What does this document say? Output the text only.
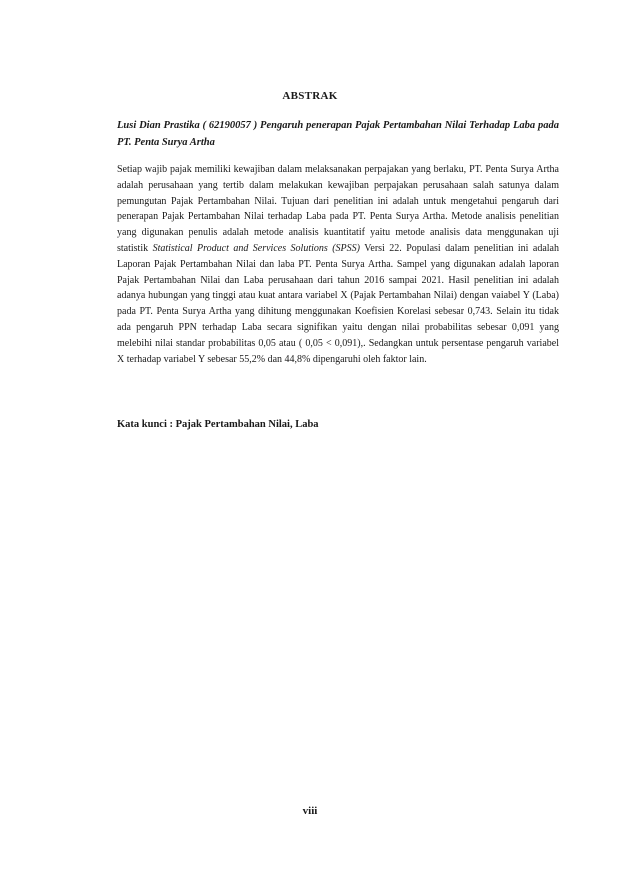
ABSTRAK
Lusi Dian Prastika ( 62190057 ) Pengaruh penerapan Pajak Pertambahan Nilai Terhadap Laba pada PT. Penta Surya Artha
Setiap wajib pajak memiliki kewajiban dalam melaksanakan perpajakan yang berlaku, PT. Penta Surya Artha adalah perusahaan yang tertib dalam melakukan kewajiban perpajakan perusahaan salah satunya dalam pemungutan Pajak Pertambahan Nilai. Tujuan dari penelitian ini adalah untuk mengetahui pengaruh dari penerapan Pajak Pertambahan Nilai terhadap Laba pada PT. Penta Surya Artha. Metode analisis penelitian yang digunakan penulis adalah metode analisis kuantitatif yaitu metode analisis data menggunakan uji statistik Statistical Product and Services Solutions (SPSS) Versi 22. Populasi dalam penelitian ini adalah Laporan Pajak Pertambahan Nilai dan laba PT. Penta Surya Artha. Sampel yang digunakan adalah laporan Pajak Pertambahan Nilai dan Laba perusahaan dari tahun 2016 sampai 2021. Hasil penelitian ini adalah adanya hubungan yang tinggi atau kuat antara variabel X (Pajak Pertambahan Nilai) dengan vaiabel Y (Laba) pada PT. Penta Surya Artha yang dihitung menggunakan Koefisien Korelasi sebesar 0,743. Selain itu tidak ada pengaruh PPN terhadap Laba secara signifikan yaitu dengan nilai probabilitas sebesar 0,091 yang melebihi nilai standar probabilitas 0,05 atau ( 0,05 < 0,091),. Sedangkan untuk persentase pengaruh variabel X terhadap variabel Y sebesar 55,2% dan 44,8% dipengaruhi oleh faktor lain.
Kata kunci : Pajak Pertambahan Nilai, Laba
viii
